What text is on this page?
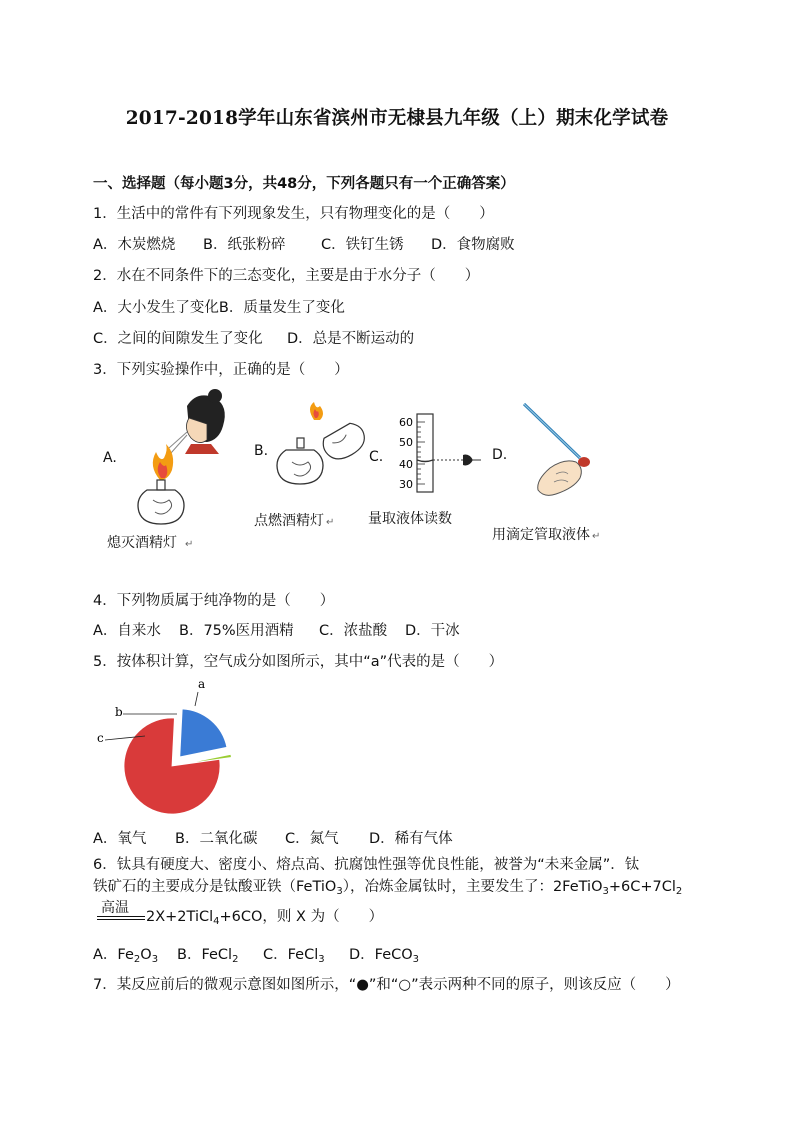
2017-2018学年山东省滨州市无棣县九年级（上）期末化学试卷
一、选择题（每小题3分，共48分，下列各题只有一个正确答案）
1．生活中的常件有下列现象发生，只有物理变化的是（　　）
A．木炭燃烧 B．纸张粉碎 C．铁钉生锈 D．食物腐败
2．水在不同条件下的三态变化，主要是由于水分子（　　）
A．大小发生了变化B．质量发生了变化
C．之间的间隙发生了变化 D．总是不断运动的
3．下列实验操作中，正确的是（　　）
A.
熄灭酒精灯 ↵
B.
点燃酒精灯 ↵
C.
60
50
40
30
量取液体读数
D.
用滴定管取液体 ↵
4．下列物质属于纯净物的是（　　）
A．自来水 B．75%医用酒精 C．浓盐酸 D．干冰
5．按体积计算，空气成分如图所示，其中“a”代表的是（　　）
a
b
c
A．氧气 B．二氧化碳 C．氮气 D．稀有气体
6．钛具有硬度大、密度小、熔点高、抗腐蚀性强等优良性能，被誉为“未来金属”．钛
铁矿石的主要成分是钛酸亚铁（FeTiO$_3$），冶炼金属钛时，主要发生了：$2FeTiO_3+6C+7Cl_2$
高温
2X+2TiCl$_4$+6CO，则 X 为（　　）
A．$Fe_2O_3$ B．FeCl$_2$ C．FeCl$_3$ D．FeCO$_3$
7．某反应前后的微观示意图如图所示，“●”和“○”表示两种不同的原子，则该反应（　　）
